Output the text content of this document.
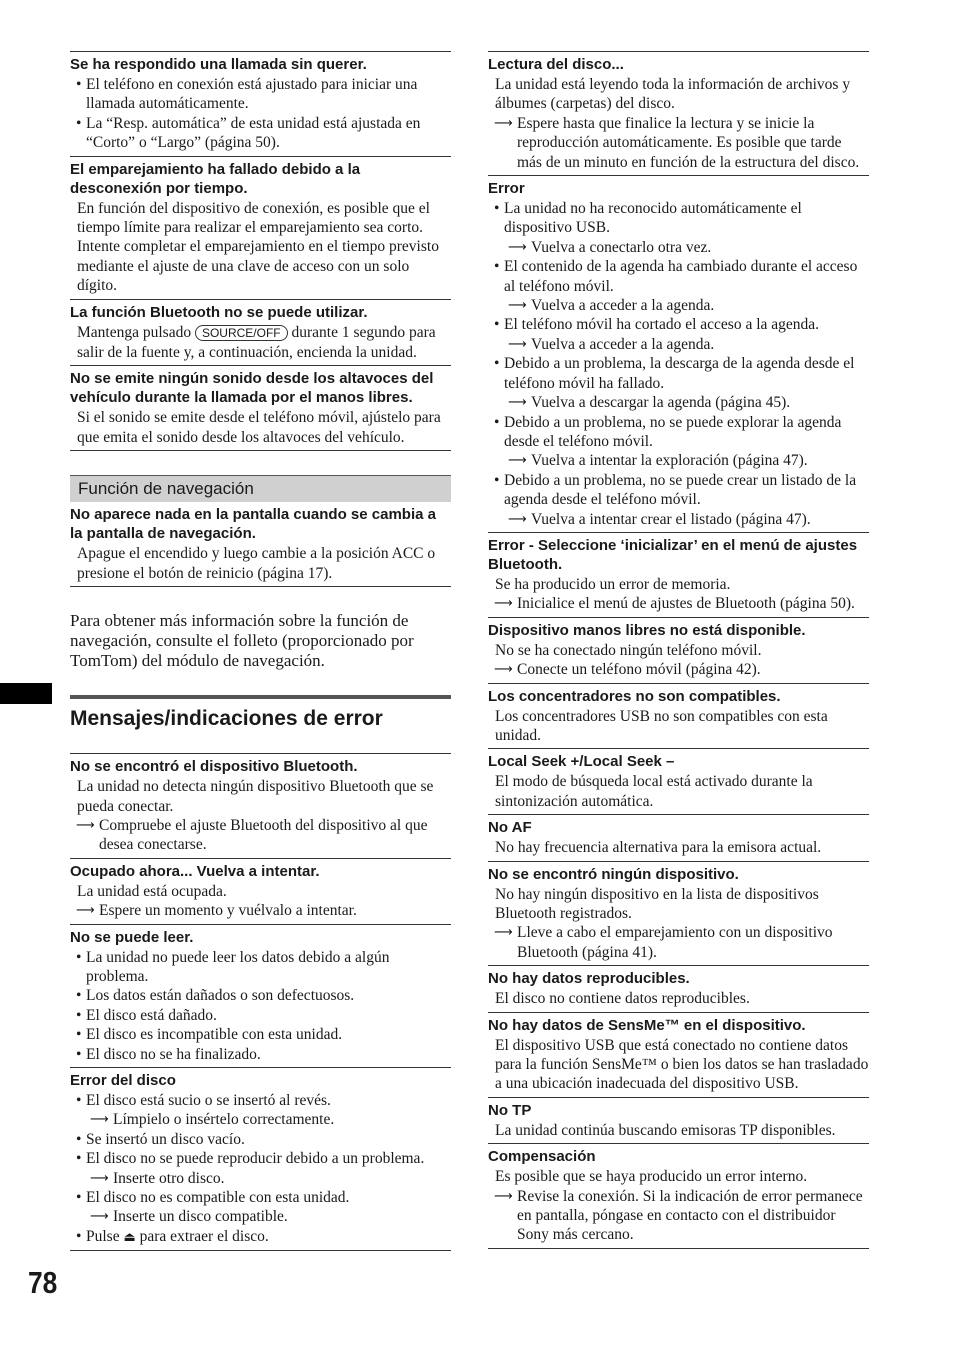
78
Se ha respondido una llamada sin querer.
• El teléfono en conexión está ajustado para iniciar una llamada automáticamente.
• La “Resp. automática” de esta unidad está ajustada en “Corto” o “Largo” (página 50).
El emparejamiento ha fallado debido a la desconexión por tiempo.
En función del dispositivo de conexión, es posible que el tiempo límite para realizar el emparejamiento sea corto. Intente completar el emparejamiento en el tiempo previsto mediante el ajuste de una clave de acceso con un solo dígito.
La función Bluetooth no se puede utilizar.
Mantenga pulsado SOURCE/OFF durante 1 segundo para salir de la fuente y, a continuación, encienda la unidad.
No se emite ningún sonido desde los altavoces del vehículo durante la llamada por el manos libres.
Si el sonido se emite desde el teléfono móvil, ajústelo para que emita el sonido desde los altavoces del vehículo.
Función de navegación
No aparece nada en la pantalla cuando se cambia a la pantalla de navegación.
Apague el encendido y luego cambie a la posición ACC o presione el botón de reinicio (página 17).

Para obtener más información sobre la función de navegación, consulte el folleto (proporcionado por TomTom) del módulo de navegación.

Mensajes/indicaciones de error
No se encontró el dispositivo Bluetooth.
La unidad no detecta ningún dispositivo Bluetooth que se pueda conectar.
⟶ Compruebe el ajuste Bluetooth del dispositivo al que desea conectarse.
Ocupado ahora... Vuelva a intentar.
La unidad está ocupada.
⟶ Espere un momento y vuélvalo a intentar.
No se puede leer.
• La unidad no puede leer los datos debido a algún problema.
• Los datos están dañados o son defectuosos.
• El disco está dañado.
• El disco es incompatible con esta unidad.
• El disco no se ha finalizado.
Error del disco
• El disco está sucio o se insertó al revés.
⟶ Límpielo o insértelo correctamente.
• Se insertó un disco vacío.
• El disco no se puede reproducir debido a un problema.
⟶ Inserte otro disco.
• El disco no es compatible con esta unidad.
⟶ Inserte un disco compatible.
• Pulse ⏏ para extraer el disco.
Lectura del disco...
La unidad está leyendo toda la información de archivos y álbumes (carpetas) del disco.
⟶ Espere hasta que finalice la lectura y se inicie la reproducción automáticamente. Es posible que tarde más de un minuto en función de la estructura del disco.
Error
• La unidad no ha reconocido automáticamente el dispositivo USB.
⟶ Vuelva a conectarlo otra vez.
• El contenido de la agenda ha cambiado durante el acceso al teléfono móvil.
⟶ Vuelva a acceder a la agenda.
• El teléfono móvil ha cortado el acceso a la agenda.
⟶ Vuelva a acceder a la agenda.
• Debido a un problema, la descarga de la agenda desde el teléfono móvil ha fallado.
⟶ Vuelva a descargar la agenda (página 45).
• Debido a un problema, no se puede explorar la agenda desde el teléfono móvil.
⟶ Vuelva a intentar la exploración (página 47).
• Debido a un problema, no se puede crear un listado de la agenda desde el teléfono móvil.
⟶ Vuelva a intentar crear el listado (página 47).
Error - Seleccione ‘inicializar’ en el menú de ajustes Bluetooth.
Se ha producido un error de memoria.
⟶ Inicialice el menú de ajustes de Bluetooth (página 50).
Dispositivo manos libres no está disponible.
No se ha conectado ningún teléfono móvil.
⟶ Conecte un teléfono móvil (página 42).
Los concentradores no son compatibles.
Los concentradores USB no son compatibles con esta unidad.
Local Seek +/Local Seek –
El modo de búsqueda local está activado durante la sintonización automática.
No AF
No hay frecuencia alternativa para la emisora actual.
No se encontró ningún dispositivo.
No hay ningún dispositivo en la lista de dispositivos Bluetooth registrados.
⟶ Lleve a cabo el emparejamiento con un dispositivo Bluetooth (página 41).
No hay datos reproducibles.
El disco no contiene datos reproducibles.
No hay datos de SensMe™ en el dispositivo.
El dispositivo USB que está conectado no contiene datos para la función SensMe™ o bien los datos se han trasladado a una ubicación inadecuada del dispositivo USB.
No TP
La unidad continúa buscando emisoras TP disponibles.
Compensación
Es posible que se haya producido un error interno.
⟶ Revise la conexión. Si la indicación de error permanece en pantalla, póngase en contacto con el distribuidor Sony más cercano.
